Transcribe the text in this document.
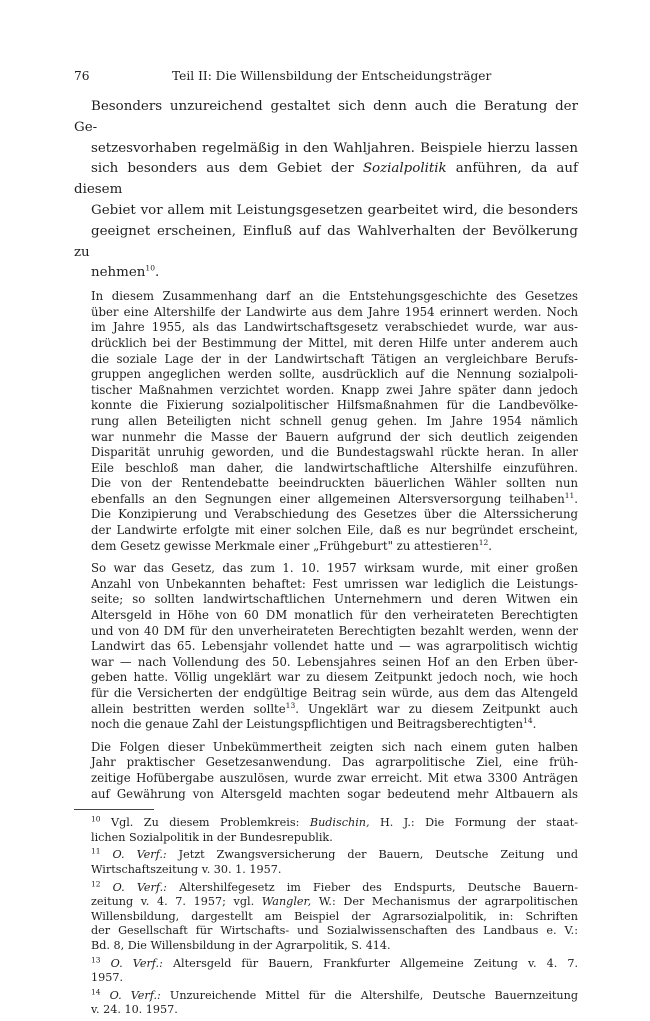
76	Teil II: Die Willensbildung der Entscheidungsträger

Besonders unzureichend gestaltet sich denn auch die Beratung der Ge-
setzesvorhaben regelmäßig in den Wahljahren. Beispiele hierzu lassen
sich besonders aus dem Gebiet der Sozialpolitik anführen, da auf diesem
Gebiet vor allem mit Leistungsgesetzen gearbeitet wird, die besonders
geeignet erscheinen, Einfluß auf das Wahlverhalten der Bevölkerung zu
nehmen$^{10}$.

In diesem Zusammenhang darf an die Entstehungsgeschichte des Gesetzes
über eine Altershilfe der Landwirte aus dem Jahre 1954 erinnert werden. Noch
im Jahre 1955, als das Landwirtschaftsgesetz verabschiedet wurde, war aus-
drücklich bei der Bestimmung der Mittel, mit deren Hilfe unter anderem auch
die soziale Lage der in der Landwirtschaft Tätigen an vergleichbare Berufs-
gruppen angeglichen werden sollte, ausdrücklich auf die Nennung sozialpoli-
tischer Maßnahmen verzichtet worden. Knapp zwei Jahre später dann jedoch
konnte die Fixierung sozialpolitischer Hilfsmaßnahmen für die Landbevölke-
rung allen Beteiligten nicht schnell genug gehen. Im Jahre 1954 nämlich
war nunmehr die Masse der Bauern aufgrund der sich deutlich zeigenden
Disparität unruhig geworden, und die Bundestagswahl rückte heran. In aller
Eile beschloß man daher, die landwirtschaftliche Altershilfe einzuführen.
Die von der Rentendebatte beeindruckten bäuerlichen Wähler sollten nun
ebenfalls an den Segnungen einer allgemeinen Altersversorgung teilhaben$^{11}$.
Die Konzipierung und Verabschiedung des Gesetzes über die Alterssicherung
der Landwirte erfolgte mit einer solchen Eile, daß es nur begründet erscheint,
dem Gesetz gewisse Merkmale einer „Frühgeburt" zu attestieren$^{12}$.

So war das Gesetz, das zum 1. 10. 1957 wirksam wurde, mit einer großen
Anzahl von Unbekannten behaftet: Fest umrissen war lediglich die Leistungs-
seite; so sollten landwirtschaftlichen Unternehmern und deren Witwen ein
Altersgeld in Höhe von 60 DM monatlich für den verheirateten Berechtigten
und von 40 DM für den unverheirateten Berechtigten bezahlt werden, wenn der
Landwirt das 65. Lebensjahr vollendet hatte und — was agrarpolitisch wichtig
war — nach Vollendung des 50. Lebensjahres seinen Hof an den Erben über-
geben hatte. Völlig ungeklärt war zu diesem Zeitpunkt jedoch noch, wie hoch
für die Versicherten der endgültige Beitrag sein würde, aus dem das Altengeld
allein bestritten werden sollte$^{13}$. Ungeklärt war zu diesem Zeitpunkt auch
noch die genaue Zahl der Leistungspflichtigen und Beitragsberechtigten$^{14}$.

Die Folgen dieser Unbekümmertheit zeigten sich nach einem guten halben
Jahr praktischer Gesetzesanwendung. Das agrarpolitische Ziel, eine früh-
zeitige Hofübergabe auszulösen, wurde zwar erreicht. Mit etwa 3300 Anträgen
auf Gewährung von Altersgeld machten sogar bedeutend mehr Altbauern als

$^{10}$ Vgl. Zu diesem Problemkreis: Budischin, H. J.: Die Formung der staat-
lichen Sozialpolitik in der Bundesrepublik.

$^{11}$ O. Verf.: Jetzt Zwangsversicherung der Bauern, Deutsche Zeitung und
Wirtschaftszeitung v. 30. 1. 1957.

$^{12}$ O. Verf.: Altershilfegesetz im Fieber des Endspurts, Deutsche Bauern-
zeitung v. 4. 7. 1957; vgl. Wangler, W.: Der Mechanismus der agrarpolitischen
Willensbildung, dargestellt am Beispiel der Agrarsozialpolitik, in: Schriften
der Gesellschaft für Wirtschafts- und Sozialwissenschaften des Landbaus e. V.:
Bd. 8, Die Willensbildung in der Agrarpolitik, S. 414.

$^{13}$ O. Verf.: Altersgeld für Bauern, Frankfurter Allgemeine Zeitung v. 4. 7.
1957.

$^{14}$ O. Verf.: Unzureichende Mittel für die Altershilfe, Deutsche Bauernzeitung
v. 24. 10. 1957.
